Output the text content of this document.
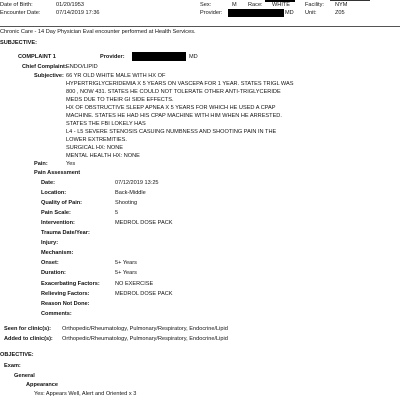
Date of Birth:	01/20/1953
Encounter Date:	07/14/2019 17:36
Sex:	M Race: WHITE
Provider:	MD
Facility: NYM
Unit:	Z05
Chronic Care - 14 Day Physician Eval encounter performed at Health Services.
SUBJECTIVE:
COMPLAINT 1	Provider:	MD
Chief Complaint: ENDO/LIPID
Subjective: 66 YR OLD WHITE MALE WITH HX OF
HYPERTRIGLYCERIDEMIA X 5 YEARS ON VASCEPA FOR 1 YEAR. STATES TRIGL WAS
800 , NOW 431. STATES HE COULD NOT TOLERATE OTHER ANTI-TRIGLYCERIDE
MEDS DUE TO THEIR GI SIDE EFFECTS.
HX OF OBSTRUCTIVE SLEEP APNEA X 5 YEARS FOR WHICH HE USED A CPAP
MACHINE. STATES HE HAD HIS CPAP MACHINE WITH HIM WHEN HE ARRESTED.
STATES THE FBI LOKELY HAS
L4 - L5 SEVERE STENOSIS CASUING NUMBNESS AND SHOOTING PAIN IN THE
LOWER EXTREMITIES.
SURGICAL HX: NONE
MENTAL HEALTH HX: NONE
Pain:	Yes
Pain Assessment
Date:	07/12/2019 13:25
Location:	Back-Middle
Quality of Pain:	Shooting
Pain Scale:	5
Intervention:	MEDROL DOSE PACK
Trauma Date/Year:
Injury:
Mechanism:
Onset:	5+ Years
Duration:	5+ Years
Exacerbating Factors:	NO EXERCISE
Relieving Factors:	MEDROL DOSE PACK
Reason Not Done:
Comments:
Seen for clinic(s): Orthopedic/Rheumatology, Pulmonary/Respiratory, Endocrine/Lipid
Added to clinic(s): Orthopedic/Rheumatology, Pulmonary/Respiratory, Endocrine/Lipid
OBJECTIVE:
Exam:
General
Appearance
Yes: Appears Well, Alert and Oriented x 3
